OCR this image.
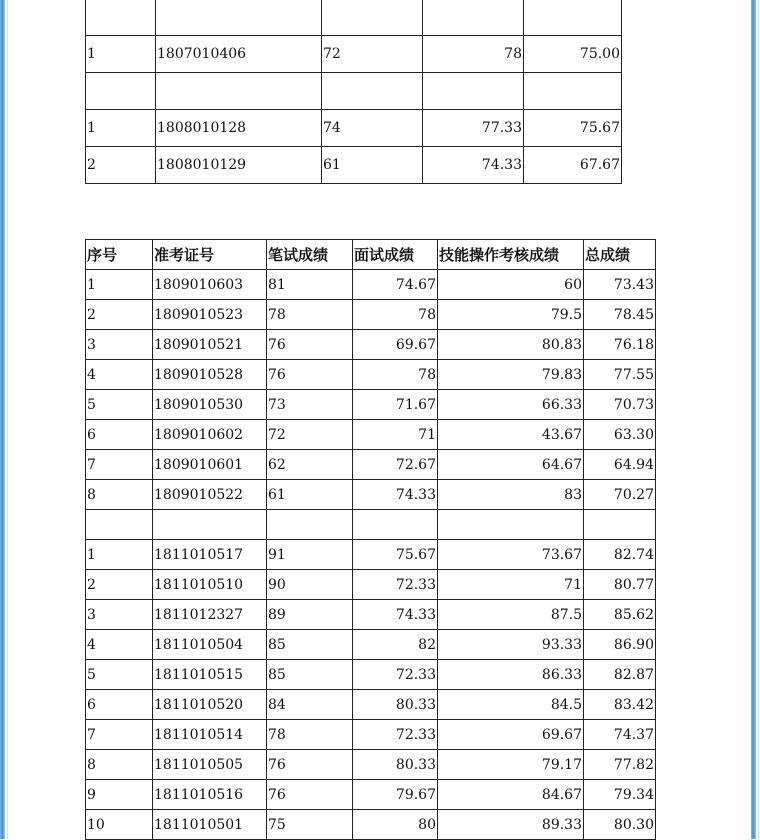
1	1807010406	72	78	75.00

1	1808010128	74	77.33	75.67
2	1808010129	61	74.33	67.67
序号	准考证号	笔试成绩	面试成绩	技能操作考核成绩	总成绩
1	1809010603	81	74.67	60	73.43
2	1809010523	78	78	79.5	78.45
3	1809010521	76	69.67	80.83	76.18
4	1809010528	76	78	79.83	77.55
5	1809010530	73	71.67	66.33	70.73
6	1809010602	72	71	43.67	63.30
7	1809010601	62	72.67	64.67	64.94
8	1809010522	61	74.33	83	70.27

1	1811010517	91	75.67	73.67	82.74
2	1811010510	90	72.33	71	80.77
3	1811012327	89	74.33	87.5	85.62
4	1811010504	85	82	93.33	86.90
5	1811010515	85	72.33	86.33	82.87
6	1811010520	84	80.33	84.5	83.42
7	1811010514	78	72.33	69.67	74.37
8	1811010505	76	80.33	79.17	77.82
9	1811010516	76	79.67	84.67	79.34
10	1811010501	75	80	89.33	80.30
